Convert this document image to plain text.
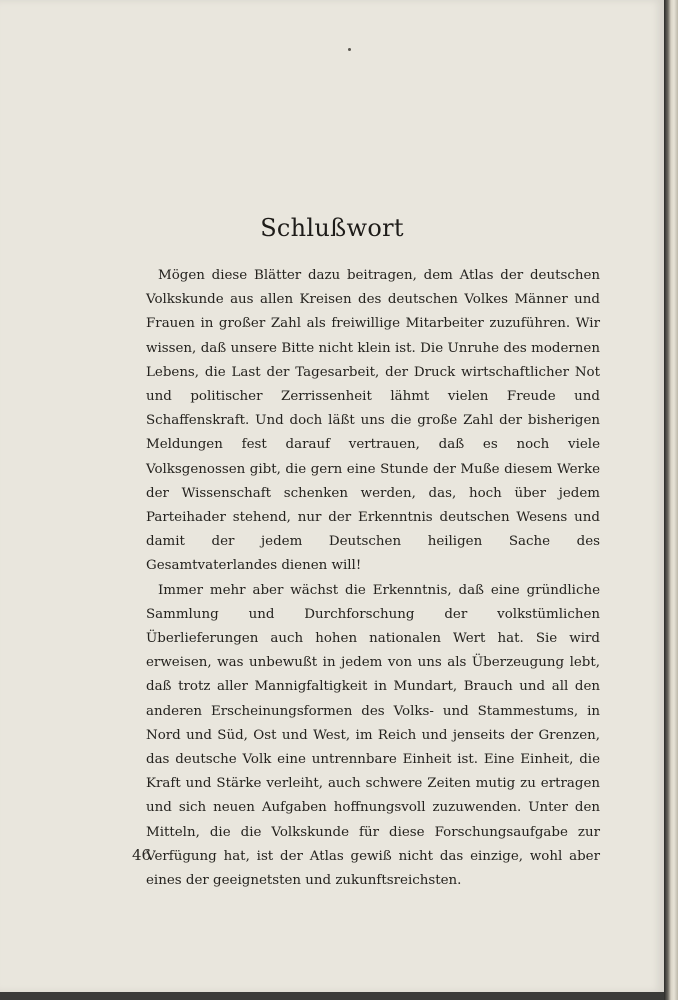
Schlußwort

Mögen diese Blätter dazu beitragen, dem Atlas der deutschen Volkskunde aus allen Kreisen des deutschen Volkes Männer und Frauen in großer Zahl als freiwillige Mitarbeiter zuzuführen. Wir wissen, daß unsere Bitte nicht klein ist. Die Unruhe des modernen Lebens, die Last der Tagesarbeit, der Druck wirtschaftlicher Not und politischer Zerrissenheit lähmt vielen Freude und Schaffenskraft. Und doch läßt uns die große Zahl der bisherigen Meldungen fest darauf vertrauen, daß es noch viele Volksgenossen gibt, die gern eine Stunde der Muße diesem Werke der Wissenschaft schenken werden, das, hoch über jedem Parteihader stehend, nur der Erkenntnis deutschen Wesens und damit der jedem Deutschen heiligen Sache des Gesamtvaterlandes dienen will!

Immer mehr aber wächst die Erkenntnis, daß eine gründliche Sammlung und Durchforschung der volkstümlichen Überlieferungen auch hohen nationalen Wert hat. Sie wird erweisen, was unbewußt in jedem von uns als Überzeugung lebt, daß trotz aller Mannigfaltigkeit in Mundart, Brauch und all den anderen Erscheinungsformen des Volks- und Stammestums, in Nord und Süd, Ost und West, im Reich und jenseits der Grenzen, das deutsche Volk eine untrennbare Einheit ist. Eine Einheit, die Kraft und Stärke verleiht, auch schwere Zeiten mutig zu ertragen und sich neuen Aufgaben hoffnungsvoll zuzuwenden. Unter den Mitteln, die die Volkskunde für diese Forschungsaufgabe zur Verfügung hat, ist der Atlas gewiß nicht das einzige, wohl aber eines der geeignetsten und zukunftsreichsten.

46
